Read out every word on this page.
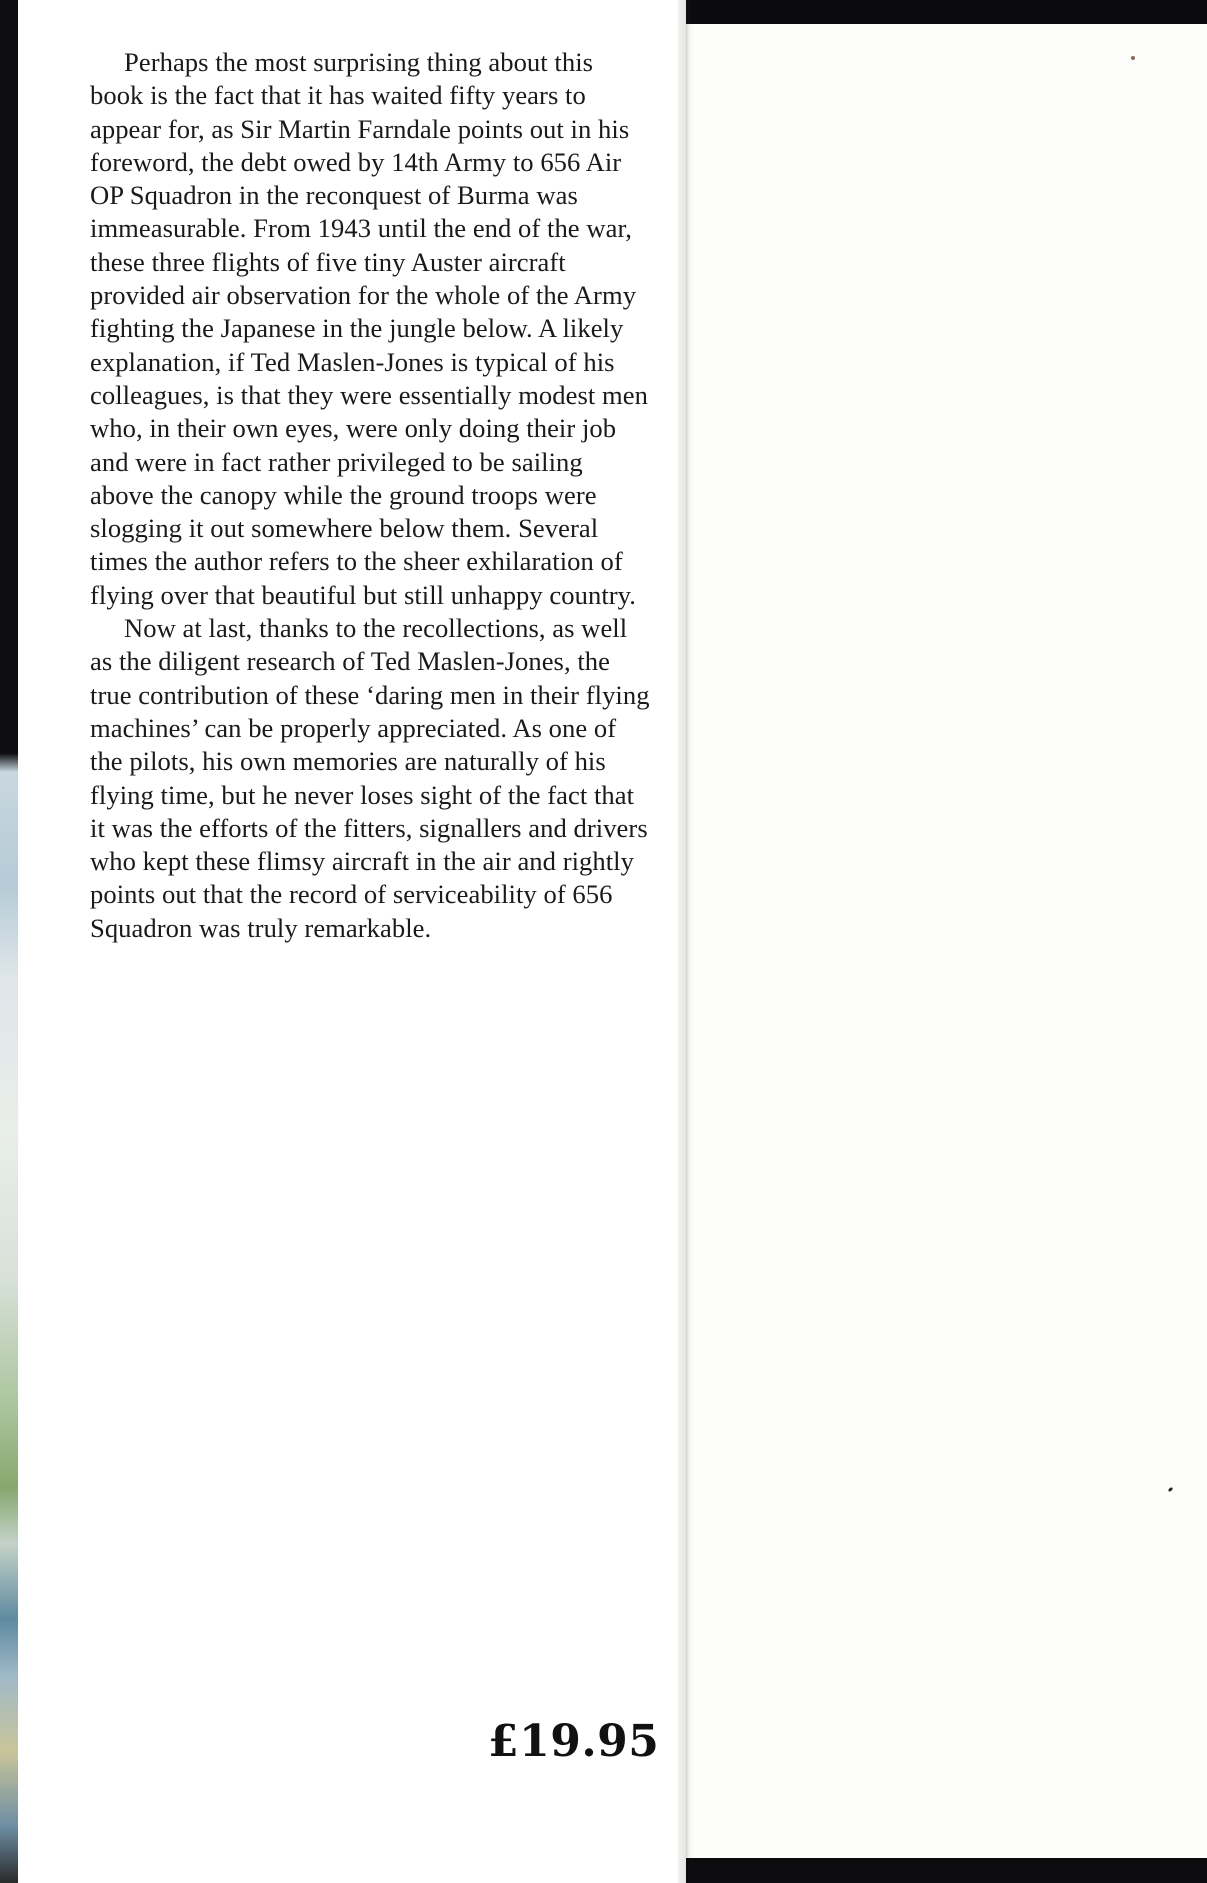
Perhaps the most surprising thing about this book is the fact that it has waited fifty years to appear for, as Sir Martin Farndale points out in his foreword, the debt owed by 14th Army to 656 Air OP Squadron in the reconquest of Burma was immeasurable. From 1943 until the end of the war, these three flights of five tiny Auster aircraft provided air observation for the whole of the Army fighting the Japanese in the jungle below. A likely explanation, if Ted Maslen-Jones is typical of his colleagues, is that they were essentially modest men who, in their own eyes, were only doing their job and were in fact rather privileged to be sailing above the canopy while the ground troops were slogging it out somewhere below them. Several times the author refers to the sheer exhilaration of flying over that beautiful but still unhappy country.

Now at last, thanks to the recollections, as well as the diligent research of Ted Maslen-Jones, the true contribution of these ‘daring men in their flying machines’ can be properly appreciated. As one of the pilots, his own memories are naturally of his flying time, but he never loses sight of the fact that it was the efforts of the fitters, signallers and drivers who kept these flimsy aircraft in the air and rightly points out that the record of serviceability of 656 Squadron was truly remarkable.

£19.95
